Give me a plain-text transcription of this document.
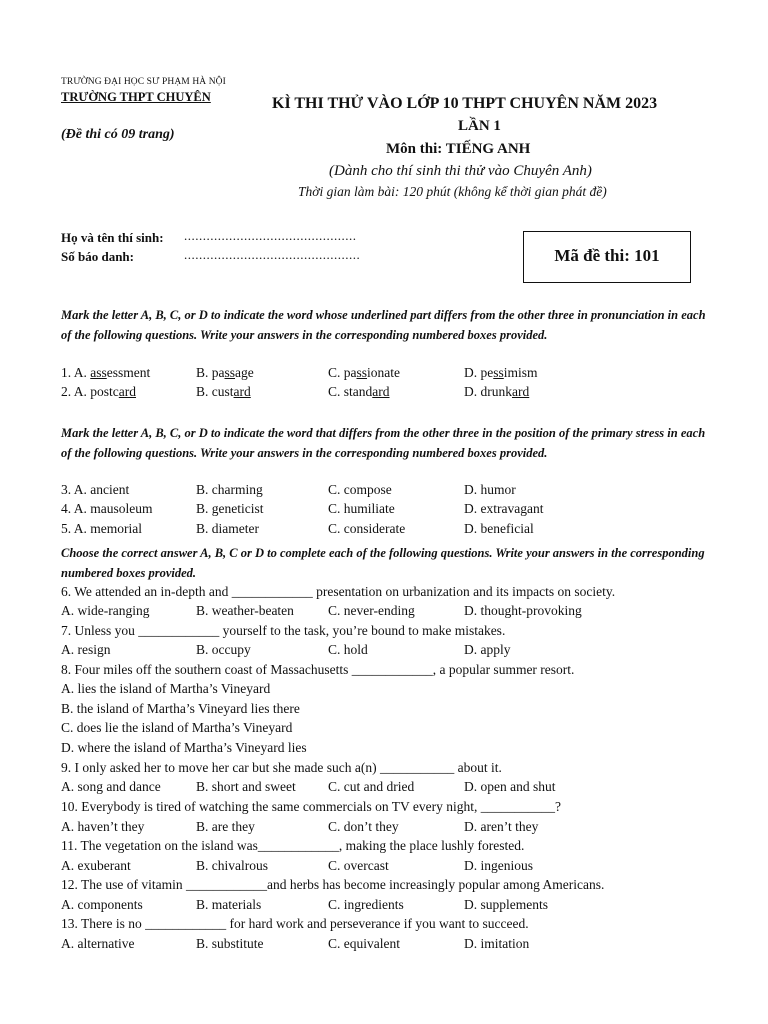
TRƯỜNG ĐẠI HỌC SƯ PHẠM HÀ NỘI
TRƯỜNG THPT CHUYÊN
(Đề thi có 09 trang)
KÌ THI THỬ VÀO LỚP 10 THPT CHUYÊN NĂM 2023
LẦN 1
Môn thi: TIẾNG ANH
(Dành cho thí sinh thi thử vào Chuyên Anh)
Thời gian làm bài: 120 phút (không kể thời gian phát đề)
Họ và tên thí sinh: ..............................................
Số báo danh:	...............................................	Mã đề thi: 101
Mark the letter A, B, C, or D to indicate the word whose underlined part differs from the other three in pronunciation in each of the following questions. Write your answers in the corresponding numbered boxes provided.
1. A. assessment	B. passage	C. passionate	D. pessimism
2. A. postcard	B. custard	C. standard	D. drunkard
Mark the letter A, B, C, or D to indicate the word that differs from the other three in the position of the primary stress in each of the following questions. Write your answers in the corresponding numbered boxes provided.
3. A. ancient	B. charming	C. compose	D. humor
4. A. mausoleum	B. geneticist	C. humiliate	D. extravagant
5. A. memorial	B. diameter	C. considerate	D. beneficial
Choose the correct answer A, B, C or D to complete each of the following questions. Write your answers in the corresponding numbered boxes provided.
6. We attended an in-depth and ____________ presentation on urbanization and its impacts on society.
A. wide-ranging	B. weather-beaten	C. never-ending	D. thought-provoking
7. Unless you ____________ yourself to the task, you’re bound to make mistakes.
A. resign	B. occupy	C. hold	D. apply
8. Four miles off the southern coast of Massachusetts ____________, a popular summer resort.
A. lies the island of Martha’s Vineyard
B. the island of Martha’s Vineyard lies there
C. does lie the island of Martha’s Vineyard
D. where the island of Martha’s Vineyard lies
9. I only asked her to move her car but she made such a(n) ___________ about it.
A. song and dance	B. short and sweet C. cut and dried	D. open and shut
10. Everybody is tired of watching the same commercials on TV every night, ___________?
A. haven’t they	B. are they	C. don’t they	D. aren’t they
11. The vegetation on the island was____________, making the place lushly forested.
A. exuberant	B. chivalrous	C. overcast	D. ingenious
12. The use of vitamin ____________and herbs has become increasingly popular among Americans.
A. components	B. materials	C. ingredients	D. supplements
13. There is no ____________ for hard work and perseverance if you want to succeed.
A. alternative	B. substitute	C. equivalent	D. imitation
